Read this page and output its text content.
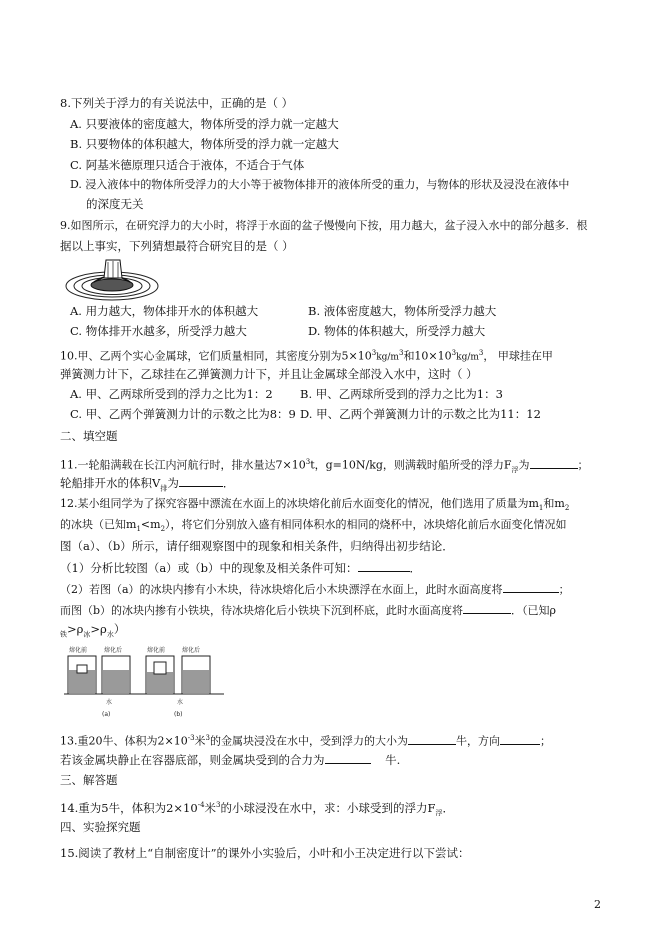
8.下列关于浮力的有关说法中，正确的是（ ）
A. 只要液体的密度越大，物体所受的浮力就一定越大
B. 只要物体的体积越大，物体所受的浮力就一定越大
C. 阿基米德原理只适合于液体，不适合于气体
D. 浸入液体中的物体所受浮力的大小等于被物体排开的液体所受的重力，与物体的形状及浸没在液体中
的深度无关
9.如图所示，在研究浮力的大小时，将浮于水面的盆子慢慢向下按，用力越大，盆子浸入水中的部分越多．根
据以上事实，下列猜想最符合研究目的是（ ）
A. 用力越大，物体排开水的体积越大	B. 液体密度越大，物体所受浮力越大
C. 物体排开水越多，所受浮力越大	D. 物体的体积越大，所受浮力越大
10.甲、乙两个实心金属球，它们质量相同，其密度分别为$5\times 10^3kg/m^3$和$10\times 10^3kg/m^3$， 甲球挂在甲
弹簧测力计下，乙球挂在乙弹簧测力计下，并且让金属球全部没入水中，这时（ ）
A. 甲、乙两球所受到的浮力之比为1：2 B. 甲、乙两球所受到的浮力之比为1：3
C. 甲、乙两个弹簧测力计的示数之比为8：9 D. 甲、乙两个弹簧测力计的示数之比为11：12
二、填空题
11.一轮船满载在长江内河航行时，排水量达$7\times 10^3t$，g=10N/kg，则满载时船所受的浮力$F_浮$为	；
轮船排开水的体积$V_排$为	．
12.某小组同学为了探究容器中漂流在水面上的冰块熔化前后水面变化的情况，他们选用了质量为$m_1$和$m_2$
的冰块（已知$m_1<m_2$），将它们分别放入盛有相同体积水的相同的烧杯中，冰块熔化前后水面变化情况如
图（a）、（b）所示，请仔细观察图中的现象和相关条件，归纳得出初步结论．
（1）分析比较图（a）或（b）中的现象及相关条件可知：	．
（2）若图（a）的冰块内掺有小木块，待冰块熔化后小木块漂浮在水面上，此时水面高度将	；
而图（b）的冰块内掺有小铁块，待冰块熔化后小铁块下沉到杯底，此时水面高度将	．（已知ρ
$_铁>\rho_冰>\rho_水$）
熔化前	熔化后	熔化前	熔化后
水	水
(a)	(b)
13.重20牛、体积为$2\times 10^{-3}$米$^3$的金属块浸没在水中，受到浮力的大小为	牛，方向	；
若该金属块静止在容器底部，则金属块受到的合力为	牛.
三、解答题
14.重为5牛，体积为$2\times 10^{-4}$米$^3$的小球浸没在水中，求：小球受到的浮力$F_浮$．
四、实验探究题
15.阅读了教材上“自制密度计”的课外小实验后，小叶和小王决定进行以下尝试：
2
